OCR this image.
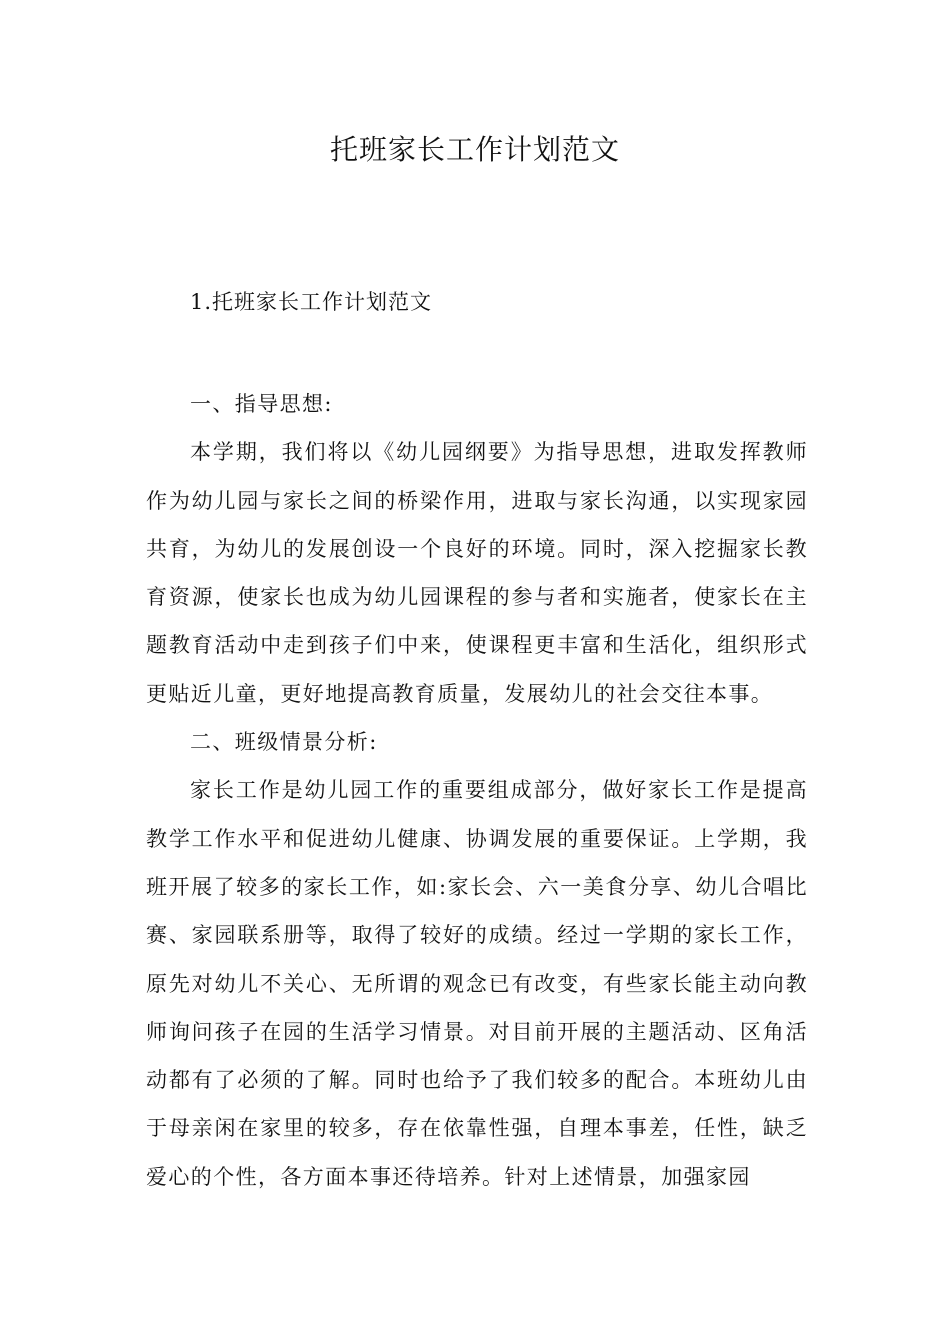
托班家长工作计划范文

1.托班家长工作计划范文

一、指导思想:

本学期，我们将以《幼儿园纲要》为指导思想，进取发挥教师作为幼儿园与家长之间的桥梁作用，进取与家长沟通，以实现家园共育，为幼儿的发展创设一个良好的环境。同时，深入挖掘家长教育资源，使家长也成为幼儿园课程的参与者和实施者，使家长在主题教育活动中走到孩子们中来，使课程更丰富和生活化，组织形式更贴近儿童，更好地提高教育质量，发展幼儿的社会交往本事。

二、班级情景分析:

家长工作是幼儿园工作的重要组成部分，做好家长工作是提高教学工作水平和促进幼儿健康、协调发展的重要保证。上学期，我班开展了较多的家长工作，如:家长会、六一美食分享、幼儿合唱比赛、家园联系册等，取得了较好的成绩。经过一学期的家长工作，原先对幼儿不关心、无所谓的观念已有改变，有些家长能主动向教师询问孩子在园的生活学习情景。对目前开展的主题活动、区角活动都有了必须的了解。同时也给予了我们较多的配合。本班幼儿由于母亲闲在家里的较多，存在依靠性强，自理本事差，任性，缺乏爱心的个性，各方面本事还待培养。针对上述情景，加强家园
